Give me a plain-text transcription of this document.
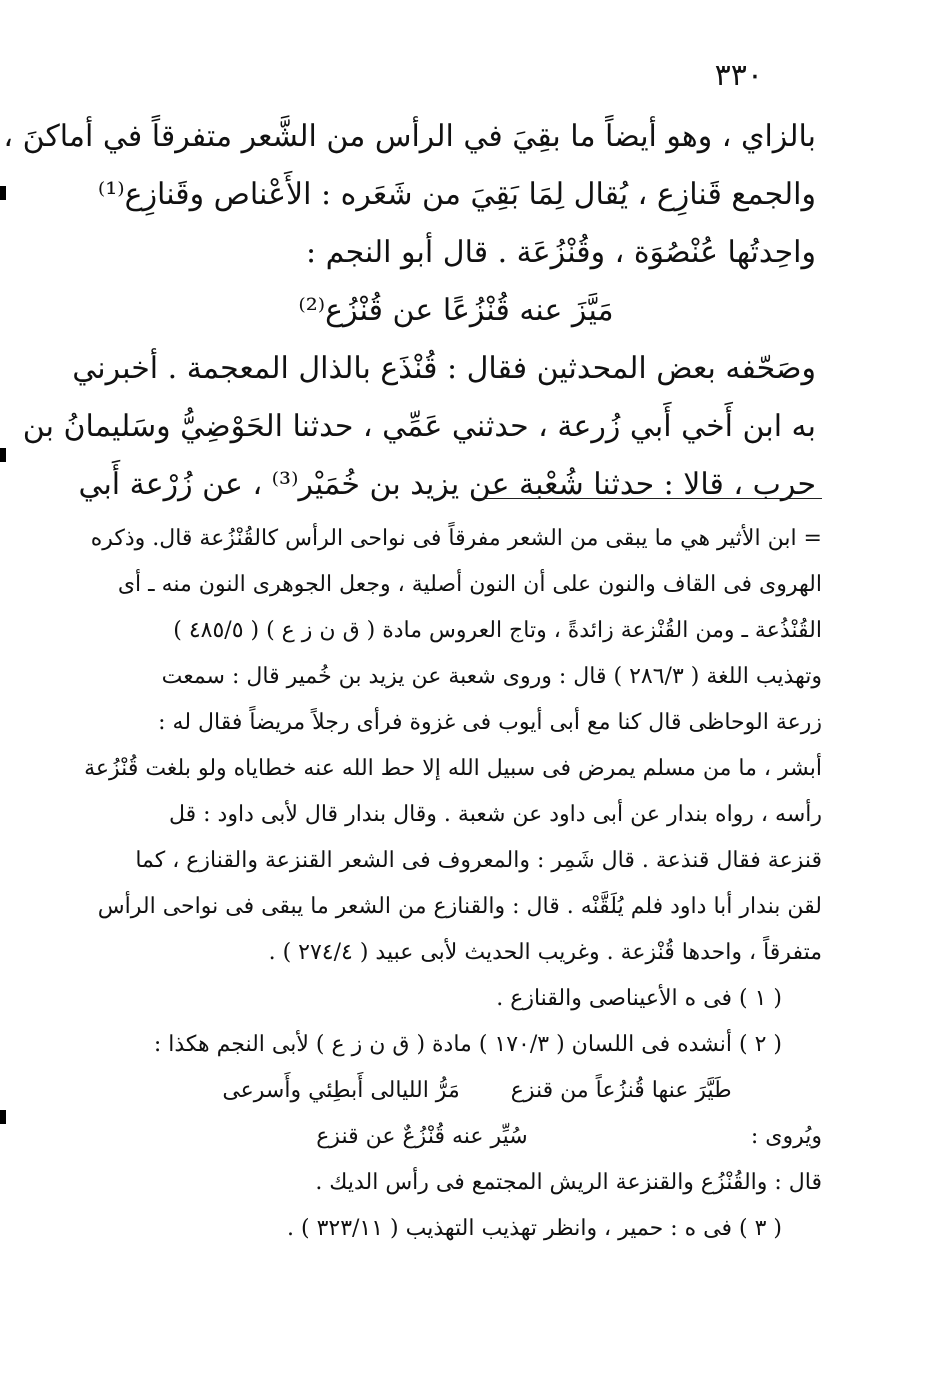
٣٣٠
بالزاي ، وهو أيضاً ما بقِيَ في الرأس من الشَّعر متفرقاً في أماكنَ ،
والجمع قَنازِع ، يُقال لِمَا بَقِيَ من شَعَره : الأَعْناص وقَنازِع⁽¹⁾
واحِدتُها عُنْصُوَة ، وقُنْزُعَة . قال أبو النجم :
مَيَّزَ عنه قُنْزُعًا عن قُنْزُع⁽²⁾
وصَحّفه بعض المحدثين فقال : قُنْذَع بالذال المعجمة . أخبرني
به ابن أَخي أَبي زُرعة ، حدثني عَمِّي ، حدثنا الحَوْضِيُّ وسَليمانُ بن
حرب ، قالا : حدثنا شُعْبة عن يزيد بن خُمَيْر⁽³⁾ ، عن زُرْعة أَبي
= ابن الأثير هي ما يبقى من الشعر مفرقاً فى نواحى الرأس كالقُنْزُعة قال. وذكره
الهروى فى القاف والنون على أن النون أصلية ، وجعل الجوهرى النون منه ـ أى
القُنْذُعة ـ ومن القُنْزعة زائدةً ، وتاج العروس مادة ( ق ن ز ع ) ( ٤٨٥/٥ )
وتهذيب اللغة ( ٢٨٦/٣ ) قال : وروى شعبة عن يزيد بن خُمير قال : سمعت
زرعة الوحاظى قال كنا مع أبى أيوب فى غزوة فرأى رجلاً مريضاً فقال له :
أبشر ، ما من مسلم يمرض فى سبيل الله إلا حط الله عنه خطاياه ولو بلغت قُنْزُعة
رأسه ، رواه بندار عن أبى داود عن شعبة . وقال بندار قال لأبى داود : قل
قنزعة فقال قنذعة . قال شَمِر : والمعروف فى الشعر القنزعة والقنازع ، كما
لقن بندار أبا داود فلم يُلَقَّنْه . قال : والقنازع من الشعر ما يبقى فى نواحى الرأس
متفرقاً ، واحدها قُنْزعة . وغريب الحديث لأبى عبيد ( ٢٧٤/٤ ) .
( ١ ) فى ه الأعيناصى والقنازع .
( ٢ ) أنشده فى اللسان ( ١٧٠/٣ ) مادة ( ق ن ز ع ) لأبى النجم هكذا :
طَيَّرَ عنها قُنزُعاً من قنزع مَرُّ الليالى أَبطِئي وأَسرعى
ويُروى :
سُيِّر عنه قُنْزُعٌ عن قنزع
قال : والقُنْزُع والقنزعة الريش المجتمع فى رأس الديك .
( ٣ ) فى ه : حمير ، وانظر تهذيب التهذيب ( ٣٢٣/١١ ) .
